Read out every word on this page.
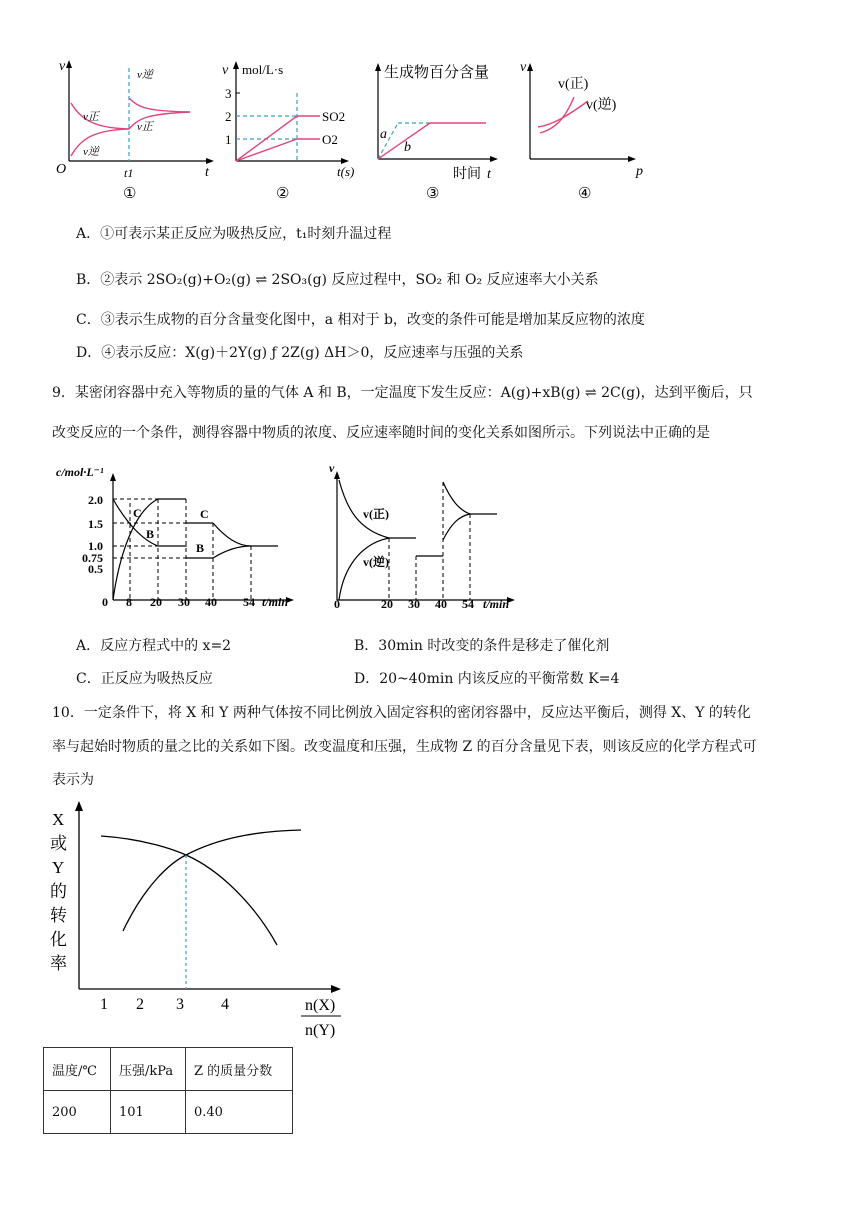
v
t
O
v正
v逆
v逆
v正
t1
①
v mol/L·s
3
2
1
SO2
O2
t(s)
②
生成物百分含量
a
b
时间 t
③
v
v(正)
v(逆)
p
④
A．①可表示某正反应为吸热反应，t₁时刻升温过程
B．②表示 2SO₂(g)+O₂(g) ⇌ 2SO₃(g) 反应过程中，SO₂ 和 O₂ 反应速率大小关系
C．③表示生成物的百分含量变化图中，a 相对于 b，改变的条件可能是增加某反应物的浓度
D．④表示反应：X(g)＋2Y(g) ƒ 2Z(g) ΔH＞0，反应速率与压强的关系
9．某密闭容器中充入等物质的量的气体 A 和 B，一定温度下发生反应：A(g)+xB(g) ⇌ 2C(g)，达到平衡后，只
改变反应的一个条件，测得容器中物质的浓度、反应速率随时间的变化关系如图所示。下列说法中正确的是
c/mol·L⁻¹
2.0
1.5
1.0
0.75
0.5
0 8 20 30 40 54 t/min
C
B
C
B
v
v(正)
v(逆)
0	20 30 40 54 t/min
A．反应方程式中的 x=2	B．30min 时改变的条件是移走了催化剂
C．正反应为吸热反应	D．20~40min 内该反应的平衡常数 K=4
10．一定条件下，将 X 和 Y 两种气体按不同比例放入固定容积的密闭容器中，反应达平衡后，测得 X、Y 的转化
率与起始时物质的量之比的关系如下图。改变温度和压强，生成物 Z 的百分含量见下表，则该反应的化学方程式可
表示为
X
或
Y
的
转
化
率
1 2 3 4	n(X)
n(Y)
温度/℃	压强/kPa	Z 的质量分数
200	101	0.40
